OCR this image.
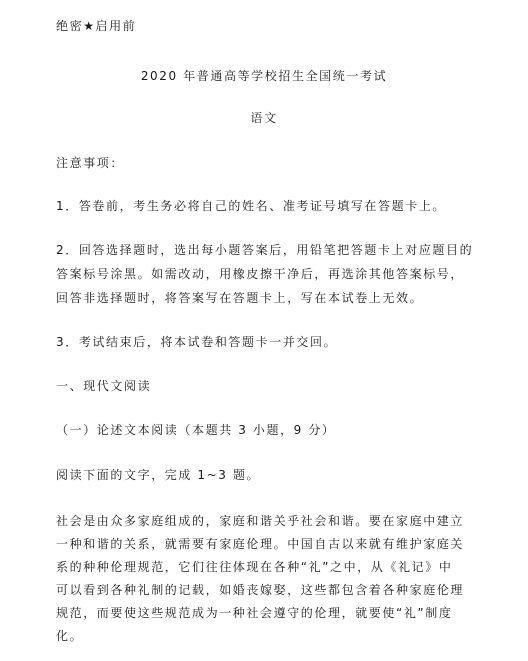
绝密★启用前
2020 年普通高等学校招生全国统一考试
语文
注意事项：
1．答卷前，考生务必将自己的姓名、准考证号填写在答题卡上。
2．回答选择题时，选出每小题答案后，用铅笔把答题卡上对应题目的
答案标号涂黑。如需改动，用橡皮擦干净后，再选涂其他答案标号，
回答非选择题时，将答案写在答题卡上，写在本试卷上无效。
3．考试结束后，将本试卷和答题卡一并交回。
一、现代文阅读
（一）论述文本阅读（本题共 3 小题，9 分）
阅读下面的文字，完成 1~3 题。
社会是由众多家庭组成的，家庭和谐关乎社会和谐。要在家庭中建立
一种和谐的关系，就需要有家庭伦理。中国自古以来就有维护家庭关
系的种种伦理规范，它们往往体现在各种“礼”之中，从《礼记》中
可以看到各种礼制的记载，如婚丧嫁娶，这些都包含着各种家庭伦理
规范，而要使这些规范成为一种社会遵守的伦理，就要使“礼”制度
化。
